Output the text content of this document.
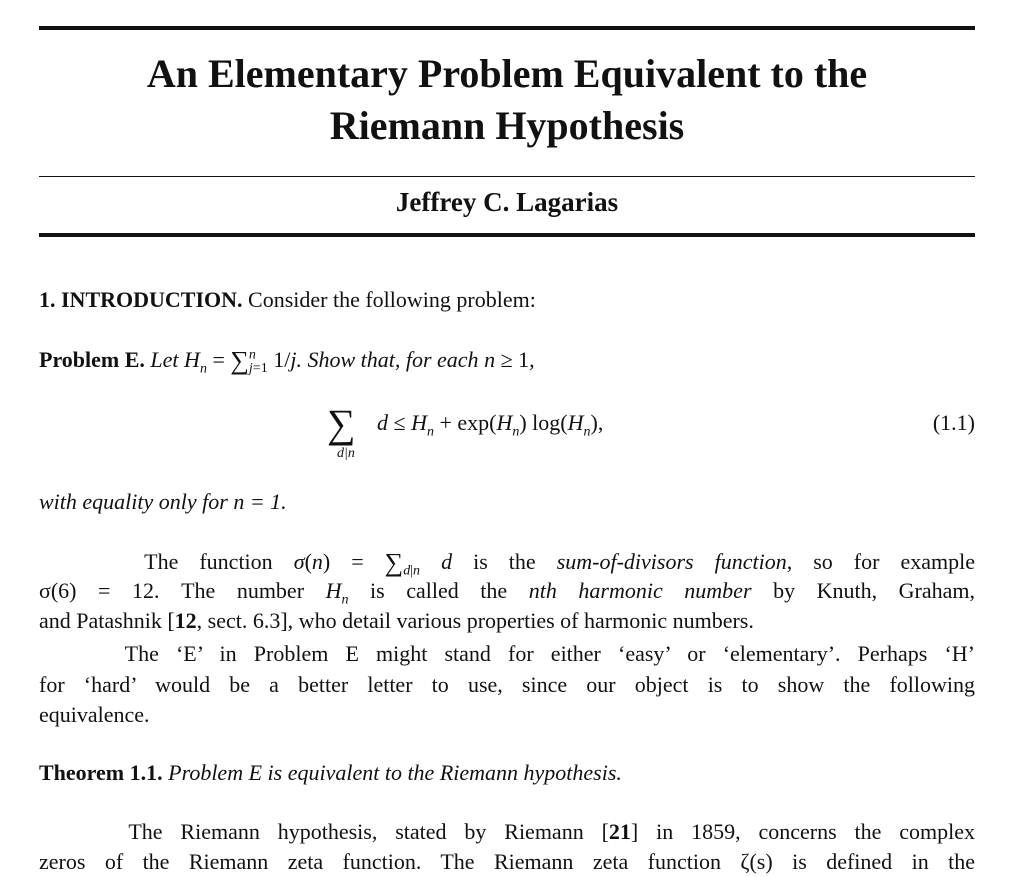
An Elementary Problem Equivalent to the
Riemann Hypothesis
Jeffrey C. Lagarias

1. INTRODUCTION. Consider the following problem:

Problem E. Let $H_n = \sum^n_{j=1}$ 1/j. Show that, for each n ≥ 1,

∑
d|n
$d \le H_n + \exp(H_n)$ $\log(H_n)$,	(1.1)

with equality only for n = 1.

The function $\sigma(n) = \sum_{d|n}$ d is the sum-of-divisors function, so for example
σ(6) = 12. The number $H_n$ is called the nth harmonic number by Knuth, Graham,
and Patashnik [12, sect. 6.3], who detail various properties of harmonic numbers.
The ‘E’ in Problem E might stand for either ‘easy’ or ‘elementary’. Perhaps ‘H’
for ‘hard’ would be a better letter to use, since our object is to show the following
equivalence.

Theorem 1.1. Problem E is equivalent to the Riemann hypothesis.

The Riemann hypothesis, stated by Riemann [21] in 1859, concerns the complex
zeros of the Riemann zeta function. The Riemann zeta function ζ(s) is defined in the
